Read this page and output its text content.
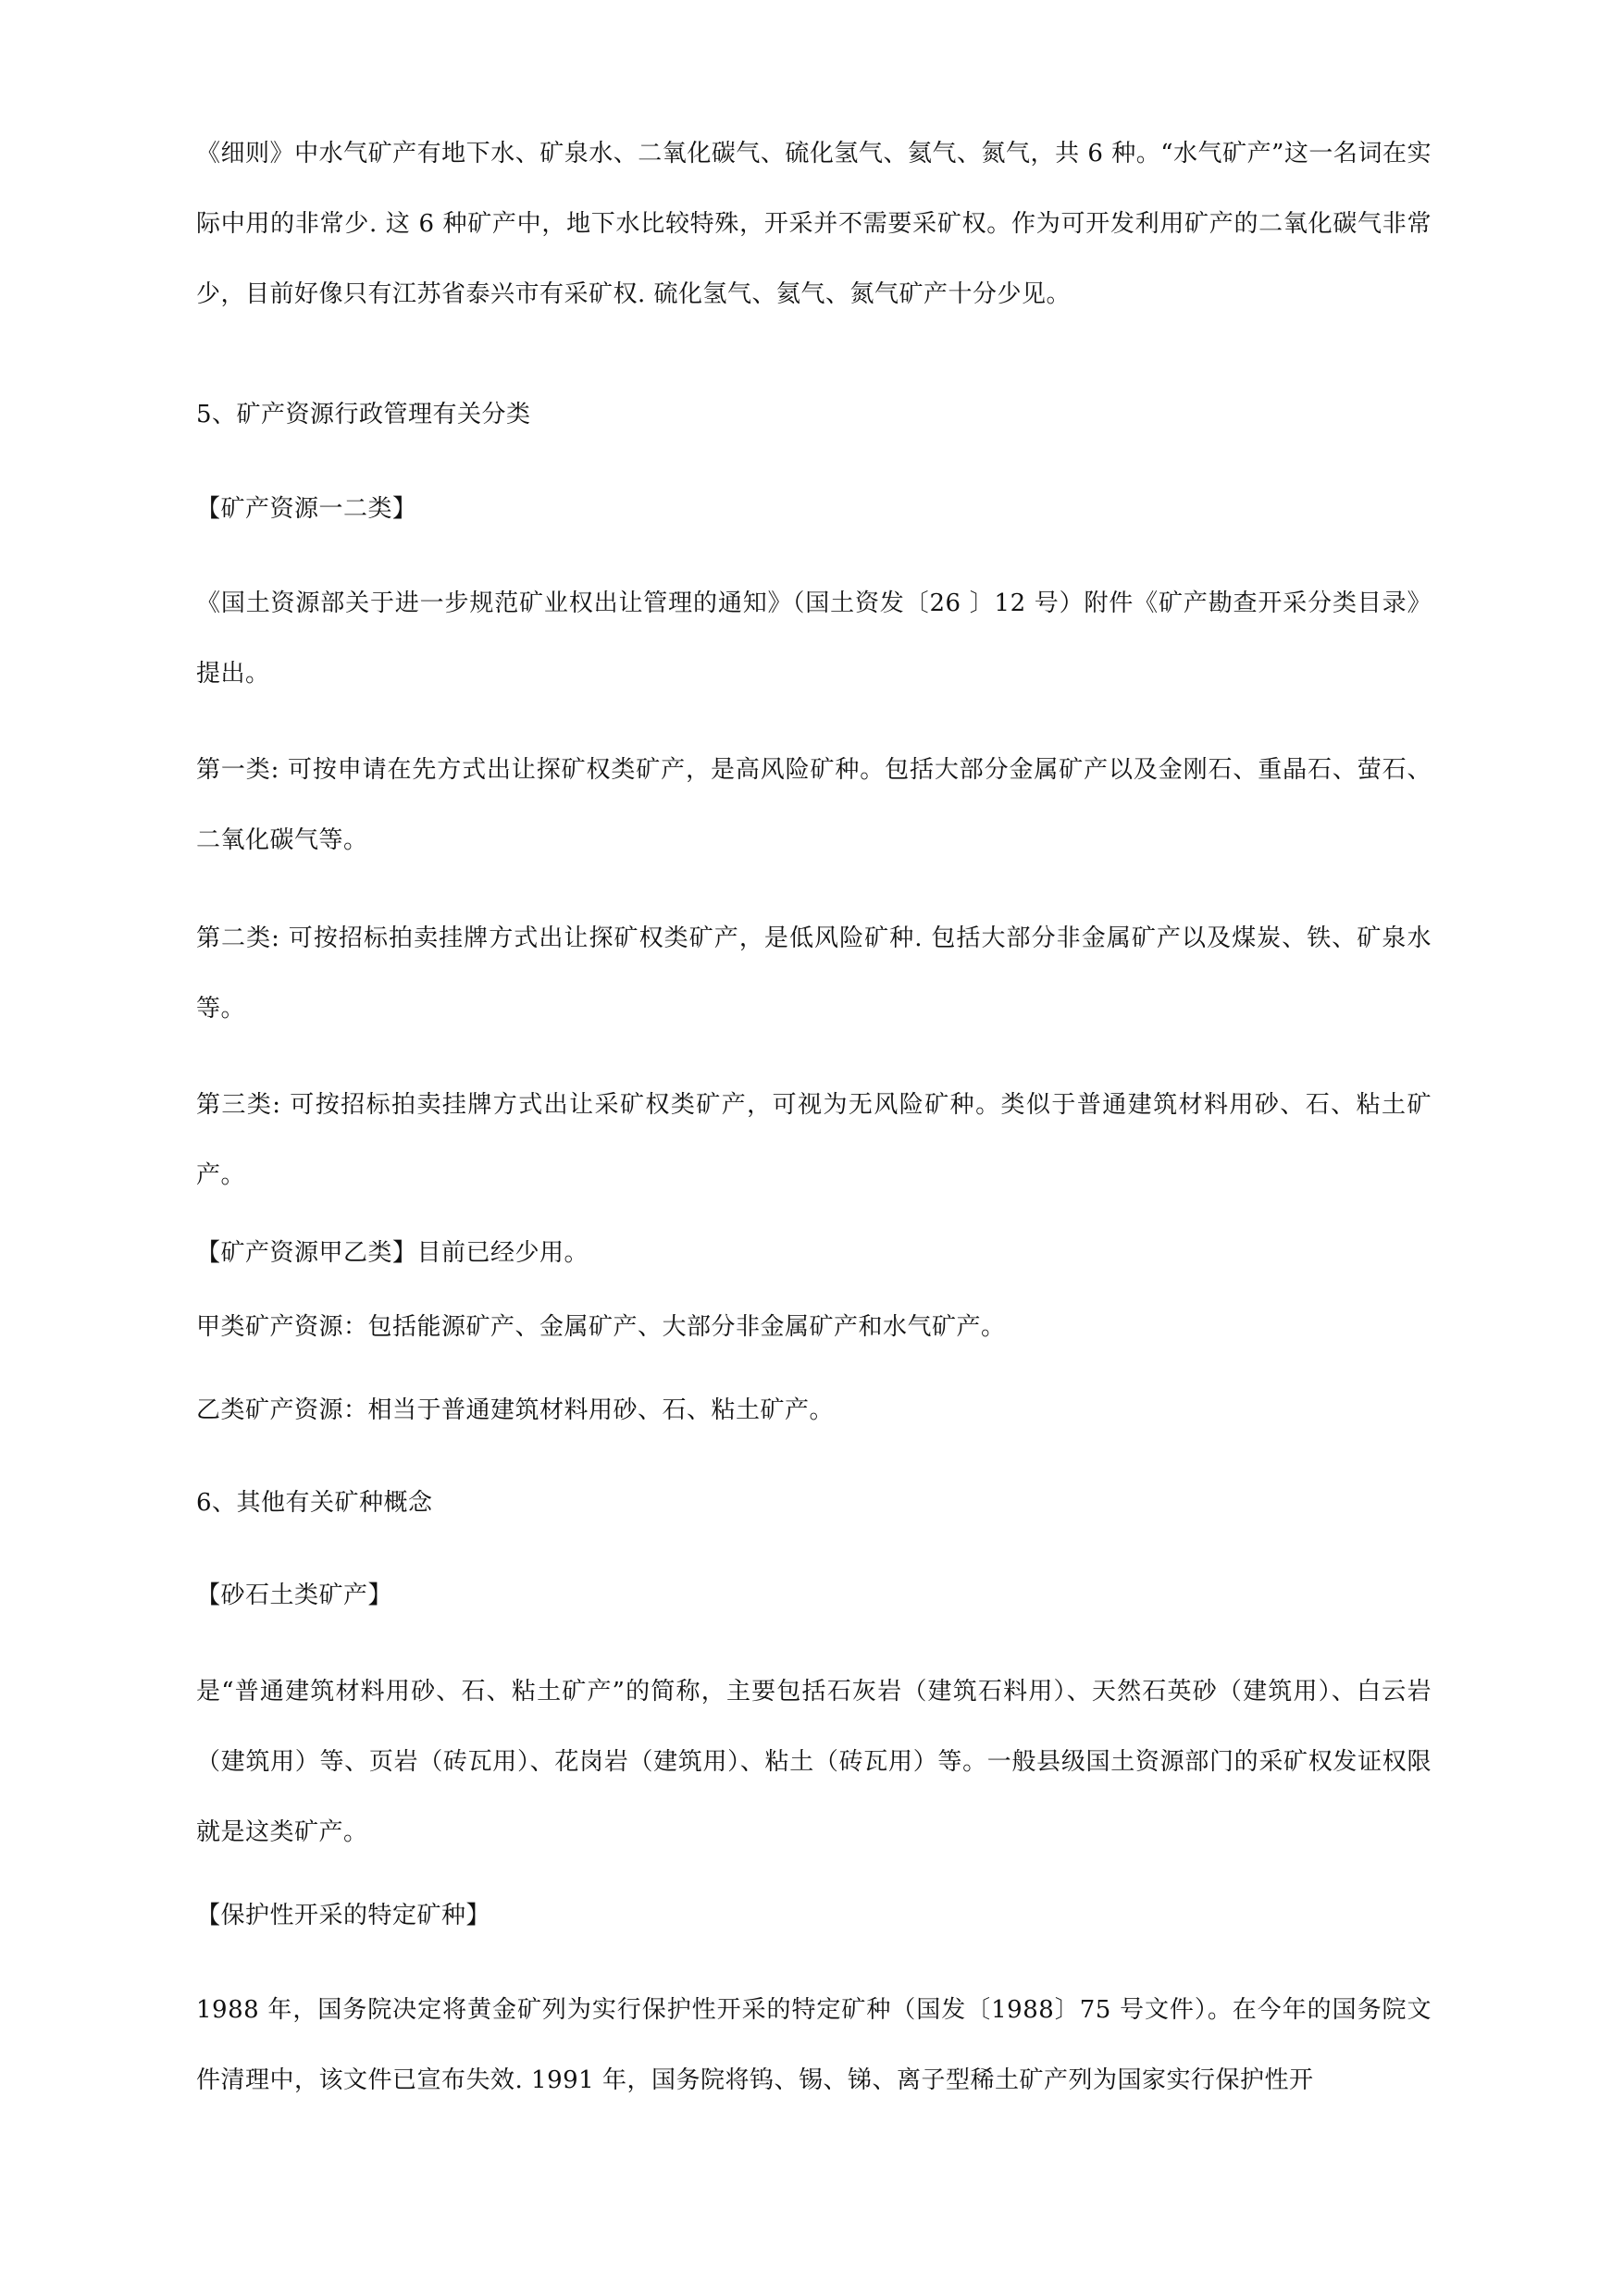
《细则》中水气矿产有地下水、矿泉水、二氧化碳气、硫化氢气、氦气、氮气，共 6 种。“水气矿产”这一名词在实际中用的非常少. 这 6 种矿产中，地下水比较特殊，开采并不需要采矿权。作为可开发利用矿产的二氧化碳气非常少，目前好像只有江苏省泰兴市有采矿权. 硫化氢气、氦气、氮气矿产十分少见。

5、矿产资源行政管理有关分类

【矿产资源一二类】

《国土资源部关于进一步规范矿业权出让管理的通知》（国土资发〔26 〕12 号）附件《矿产勘查开采分类目录》提出。

第一类: 可按申请在先方式出让探矿权类矿产，是高风险矿种。包括大部分金属矿产以及金刚石、重晶石、萤石、二氧化碳气等。

第二类: 可按招标拍卖挂牌方式出让探矿权类矿产，是低风险矿种. 包括大部分非金属矿产以及煤炭、铁、矿泉水等。

第三类: 可按招标拍卖挂牌方式出让采矿权类矿产，可视为无风险矿种。类似于普通建筑材料用砂、石、粘土矿产。

【矿产资源甲乙类】目前已经少用。

甲类矿产资源：包括能源矿产、金属矿产、大部分非金属矿产和水气矿产。

乙类矿产资源：相当于普通建筑材料用砂、石、粘土矿产。

6、其他有关矿种概念

【砂石土类矿产】

是“普通建筑材料用砂、石、粘土矿产”的简称，主要包括石灰岩（建筑石料用）、天然石英砂（建筑用）、白云岩（建筑用）等、页岩（砖瓦用）、花岗岩（建筑用）、粘土（砖瓦用）等。一般县级国土资源部门的采矿权发证权限就是这类矿产。

【保护性开采的特定矿种】

1988 年，国务院决定将黄金矿列为实行保护性开采的特定矿种（国发〔1988〕75 号文件）。在今年的国务院文件清理中，该文件已宣布失效. 1991 年，国务院将钨、锡、锑、离子型稀土矿产列为国家实行保护性开
